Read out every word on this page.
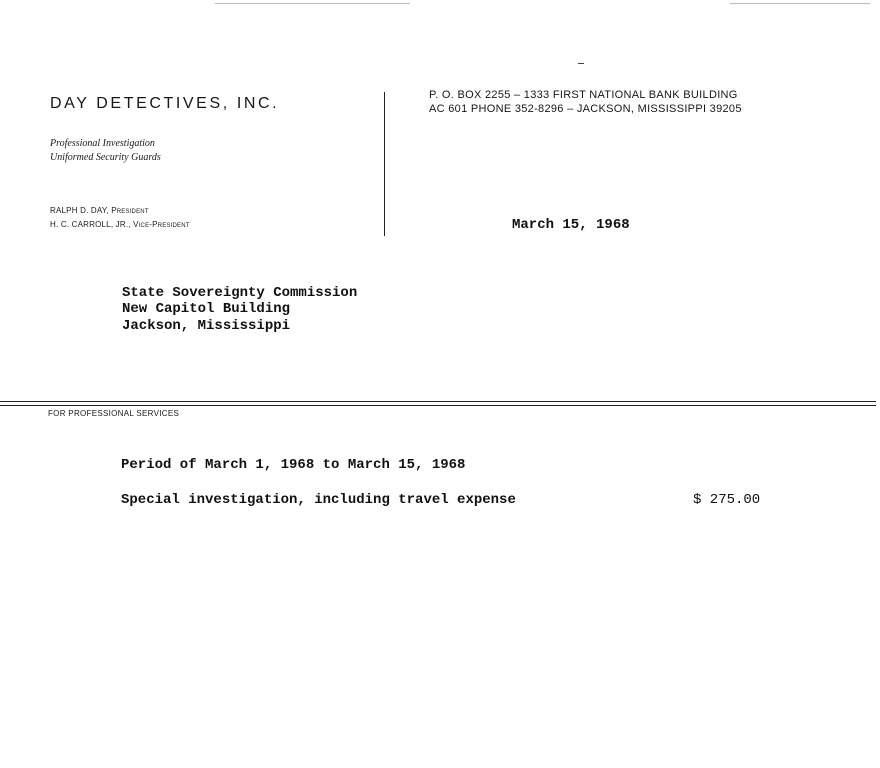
DAY DETECTIVES, INC.
Professional Investigation
Uniformed Security Guards
RALPH D. DAY, President
H. C. CARROLL, JR., Vice-President
P. O. BOX 2255 – 1333 FIRST NATIONAL BANK BUILDING
AC 601 PHONE 352-8296 – JACKSON, MISSISSIPPI 39205
March 15, 1968
State Sovereignty Commission
New Capitol Building
Jackson, Mississippi
FOR PROFESSIONAL SERVICES
Period of March 1, 1968 to March 15, 1968
Special investigation, including travel expense	$ 275.00
